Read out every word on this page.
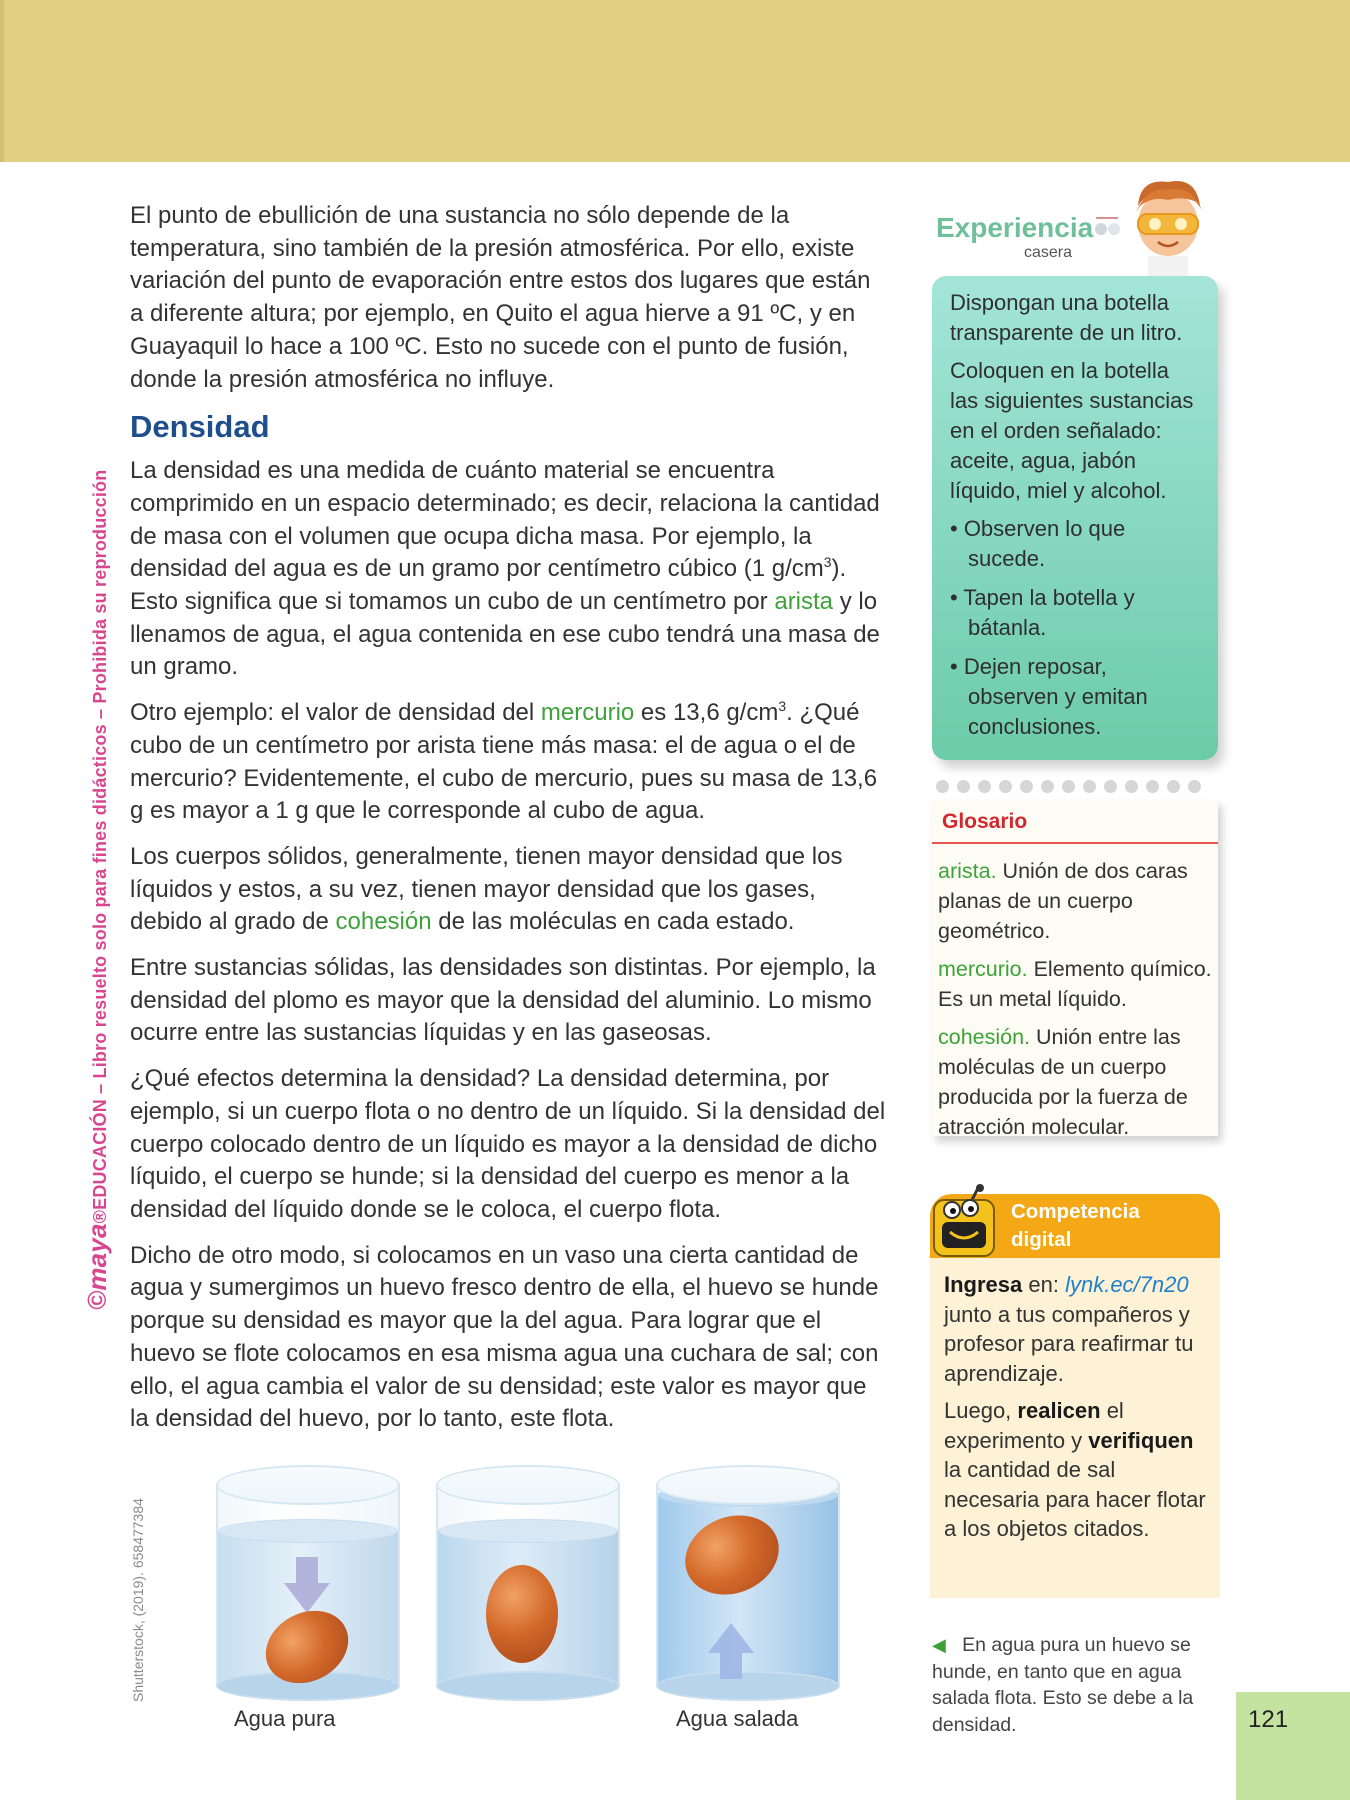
©maya®EDUCACIÓN – Libro resuelto solo para fines didácticos – Prohibida su reproducción
Shutterstock, (2019). 658477384

El punto de ebullición de una sustancia no sólo depende de la temperatura, sino también de la presión atmosférica. Por ello, existe variación del punto de evaporación entre estos dos lugares que están a diferente altura; por ejemplo, en Quito el agua hierve a 91 ºC, y en Guayaquil lo hace a 100 ºC. Esto no sucede con el punto de fusión, donde la presión atmosférica no influye.

Densidad

La densidad es una medida de cuánto material se encuentra comprimido en un espacio determinado; es decir, relaciona la cantidad de masa con el volumen que ocupa dicha masa. Por ejemplo, la densidad del agua es de un gramo por centímetro cúbico (1 $g/cm^3$). Esto significa que si tomamos un cubo de un centímetro por arista y lo llenamos de agua, el agua contenida en ese cubo tendrá una masa de un gramo.

Otro ejemplo: el valor de densidad del mercurio es 13,6 $g/cm^3$. ¿Qué cubo de un centímetro por arista tiene más masa: el de agua o el de mercurio? Evidentemente, el cubo de mercurio, pues su masa de 13,6 g es mayor a 1 g que le corresponde al cubo de agua.

Los cuerpos sólidos, generalmente, tienen mayor densidad que los líquidos y estos, a su vez, tienen mayor densidad que los gases, debido al grado de cohesión de las moléculas en cada estado.

Entre sustancias sólidas, las densidades son distintas. Por ejemplo, la densidad del plomo es mayor que la densidad del aluminio. Lo mismo ocurre entre las sustancias líquidas y en las gaseosas.

¿Qué efectos determina la densidad? La densidad determina, por ejemplo, si un cuerpo flota o no dentro de un líquido. Si la densidad del cuerpo colocado dentro de un líquido es mayor a la densidad de dicho líquido, el cuerpo se hunde; si la densidad del cuerpo es menor a la densidad del líquido donde se le coloca, el cuerpo flota.

Dicho de otro modo, si colocamos en un vaso una cierta cantidad de agua y sumergimos un huevo fresco dentro de ella, el huevo se hunde porque su densidad es mayor que la del agua. Para lograr que el huevo se flote colocamos en esa misma agua una cuchara de sal; con ello, el agua cambia el valor de su densidad; este valor es mayor que la densidad del huevo, por lo tanto, este flota.

Agua pura	Agua salada
Experiencia
casera

Dispongan una botella transparente de un litro.

Coloquen en la botella las siguientes sustancias en el orden señalado: aceite, agua, jabón líquido, miel y alcohol.

• Observen lo que sucede.

• Tapen la botella y bátanla.

• Dejen reposar, observen y emitan conclusiones.

Glosario

arista. Unión de dos caras planas de un cuerpo geométrico.

mercurio. Elemento químico. Es un metal líquido.

cohesión. Unión entre las moléculas de un cuerpo producida por la fuerza de atracción molecular.

Competencia digital

Ingresa en: lynk.ec/7n20 junto a tus compañeros y profesor para reafirmar tu aprendizaje.

Luego, realicen el experimento y verifiquen la cantidad de sal necesaria para hacer flotar a los objetos citados.

◀ En agua pura un huevo se hunde, en tanto que en agua salada flota. Esto se debe a la densidad.	121
